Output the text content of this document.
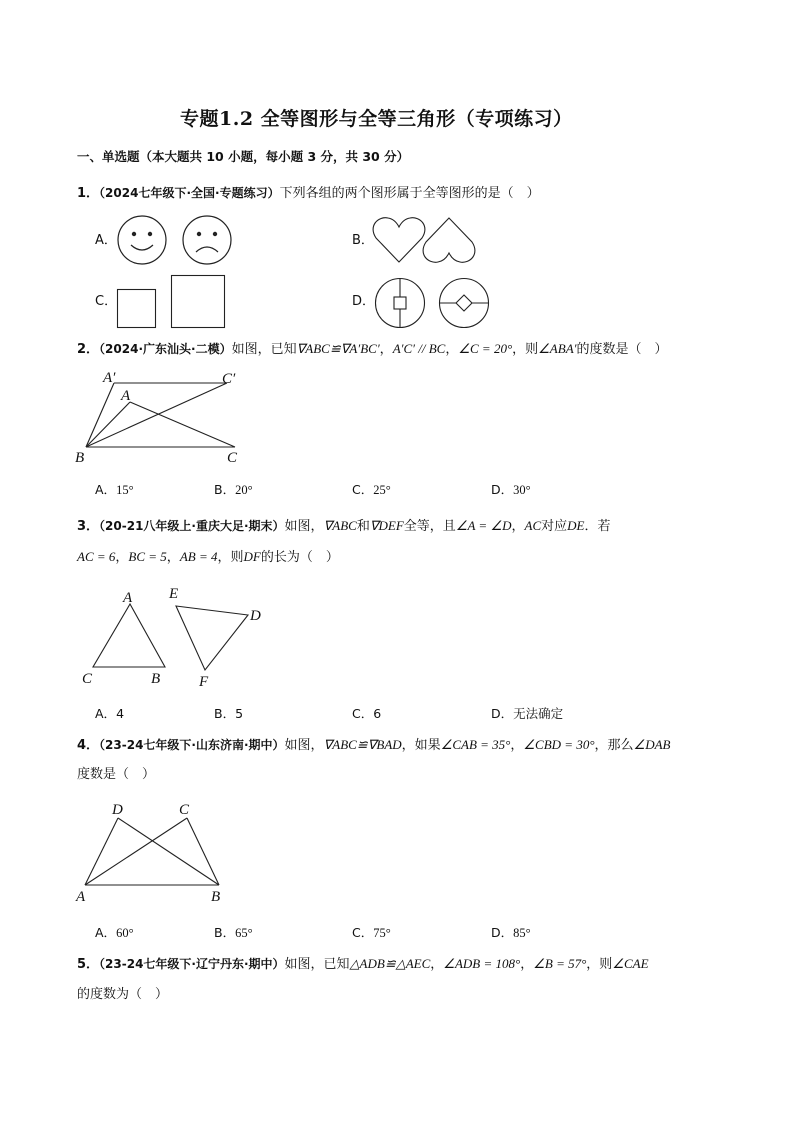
专题1.2 全等图形与全等三角形（专项练习）
一、单选题（本大题共 10 小题，每小题 3 分，共 30 分）
1．（2024七年级下·全国·专题练习）下列各组的两个图形属于全等图形的是（　）
A．	B．
C．	D．
2．（2024·广东汕头·二模）如图，已知∇ABC≌∇A′BC′，A′C′ // BC，∠C = 20°，则∠ABA′的度数是（　）
A′	C′
A
B	C
A．15°	B．20°	C．25°	D．30°
3．（20-21八年级上·重庆大足·期末）如图，∇ABC和∇DEF全等，且∠A = ∠D，AC对应DE．若
AC = 6，BC = 5，AB = 4，则DF的长为（　）
A
C	B
E
D
F
A．4	B．5	C．6	D．无法确定
4．（23-24七年级下·山东济南·期中）如图，∇ABC≌∇BAD，如果∠CAB = 35°，∠CBD = 30°，那么∠DAB
度数是（　）
D	C
A	B
A．60°	B．65°	C．75°	D．85°
5．（23-24七年级下·辽宁丹东·期中）如图，已知△ADB≌△AEC，∠ADB = 108°，∠B = 57°，则∠CAE
的度数为（　）
